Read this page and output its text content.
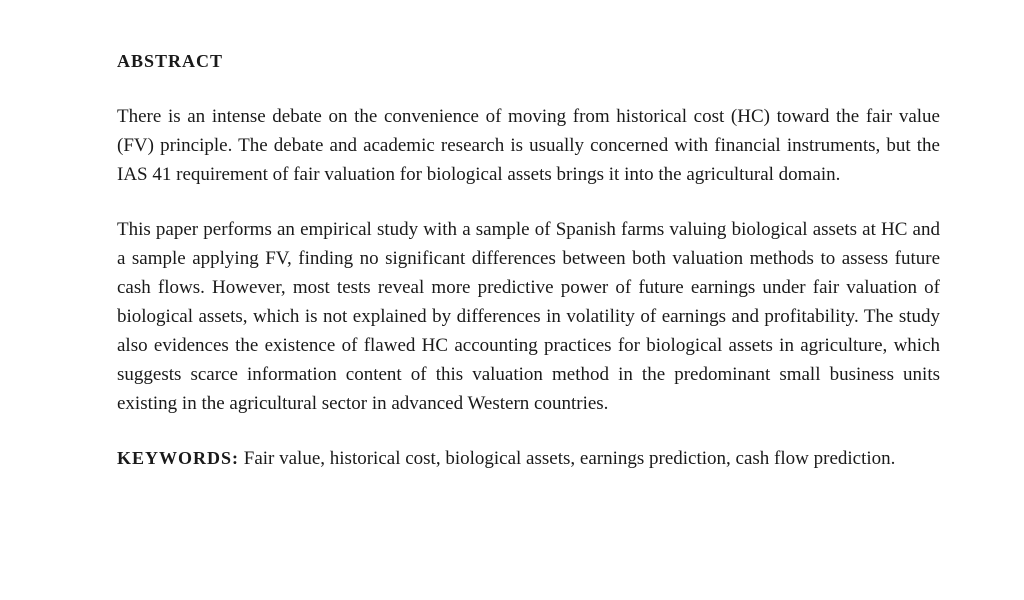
ABSTRACT

There is an intense debate on the convenience of moving from historical cost (HC) toward the fair value (FV) principle. The debate and academic research is usually concerned with financial instruments, but the IAS 41 requirement of fair valuation for biological assets brings it into the agricultural domain.

This paper performs an empirical study with a sample of Spanish farms valuing biological assets at HC and a sample applying FV, finding no significant differences between both valuation methods to assess future cash flows. However, most tests reveal more predictive power of future earnings under fair valuation of biological assets, which is not explained by differences in volatility of earnings and profitability. The study also evidences the existence of flawed HC accounting practices for biological assets in agriculture, which suggests scarce information content of this valuation method in the predominant small business units existing in the agricultural sector in advanced Western countries.

KEYWORDS: Fair value, historical cost, biological assets, earnings prediction, cash flow prediction.
